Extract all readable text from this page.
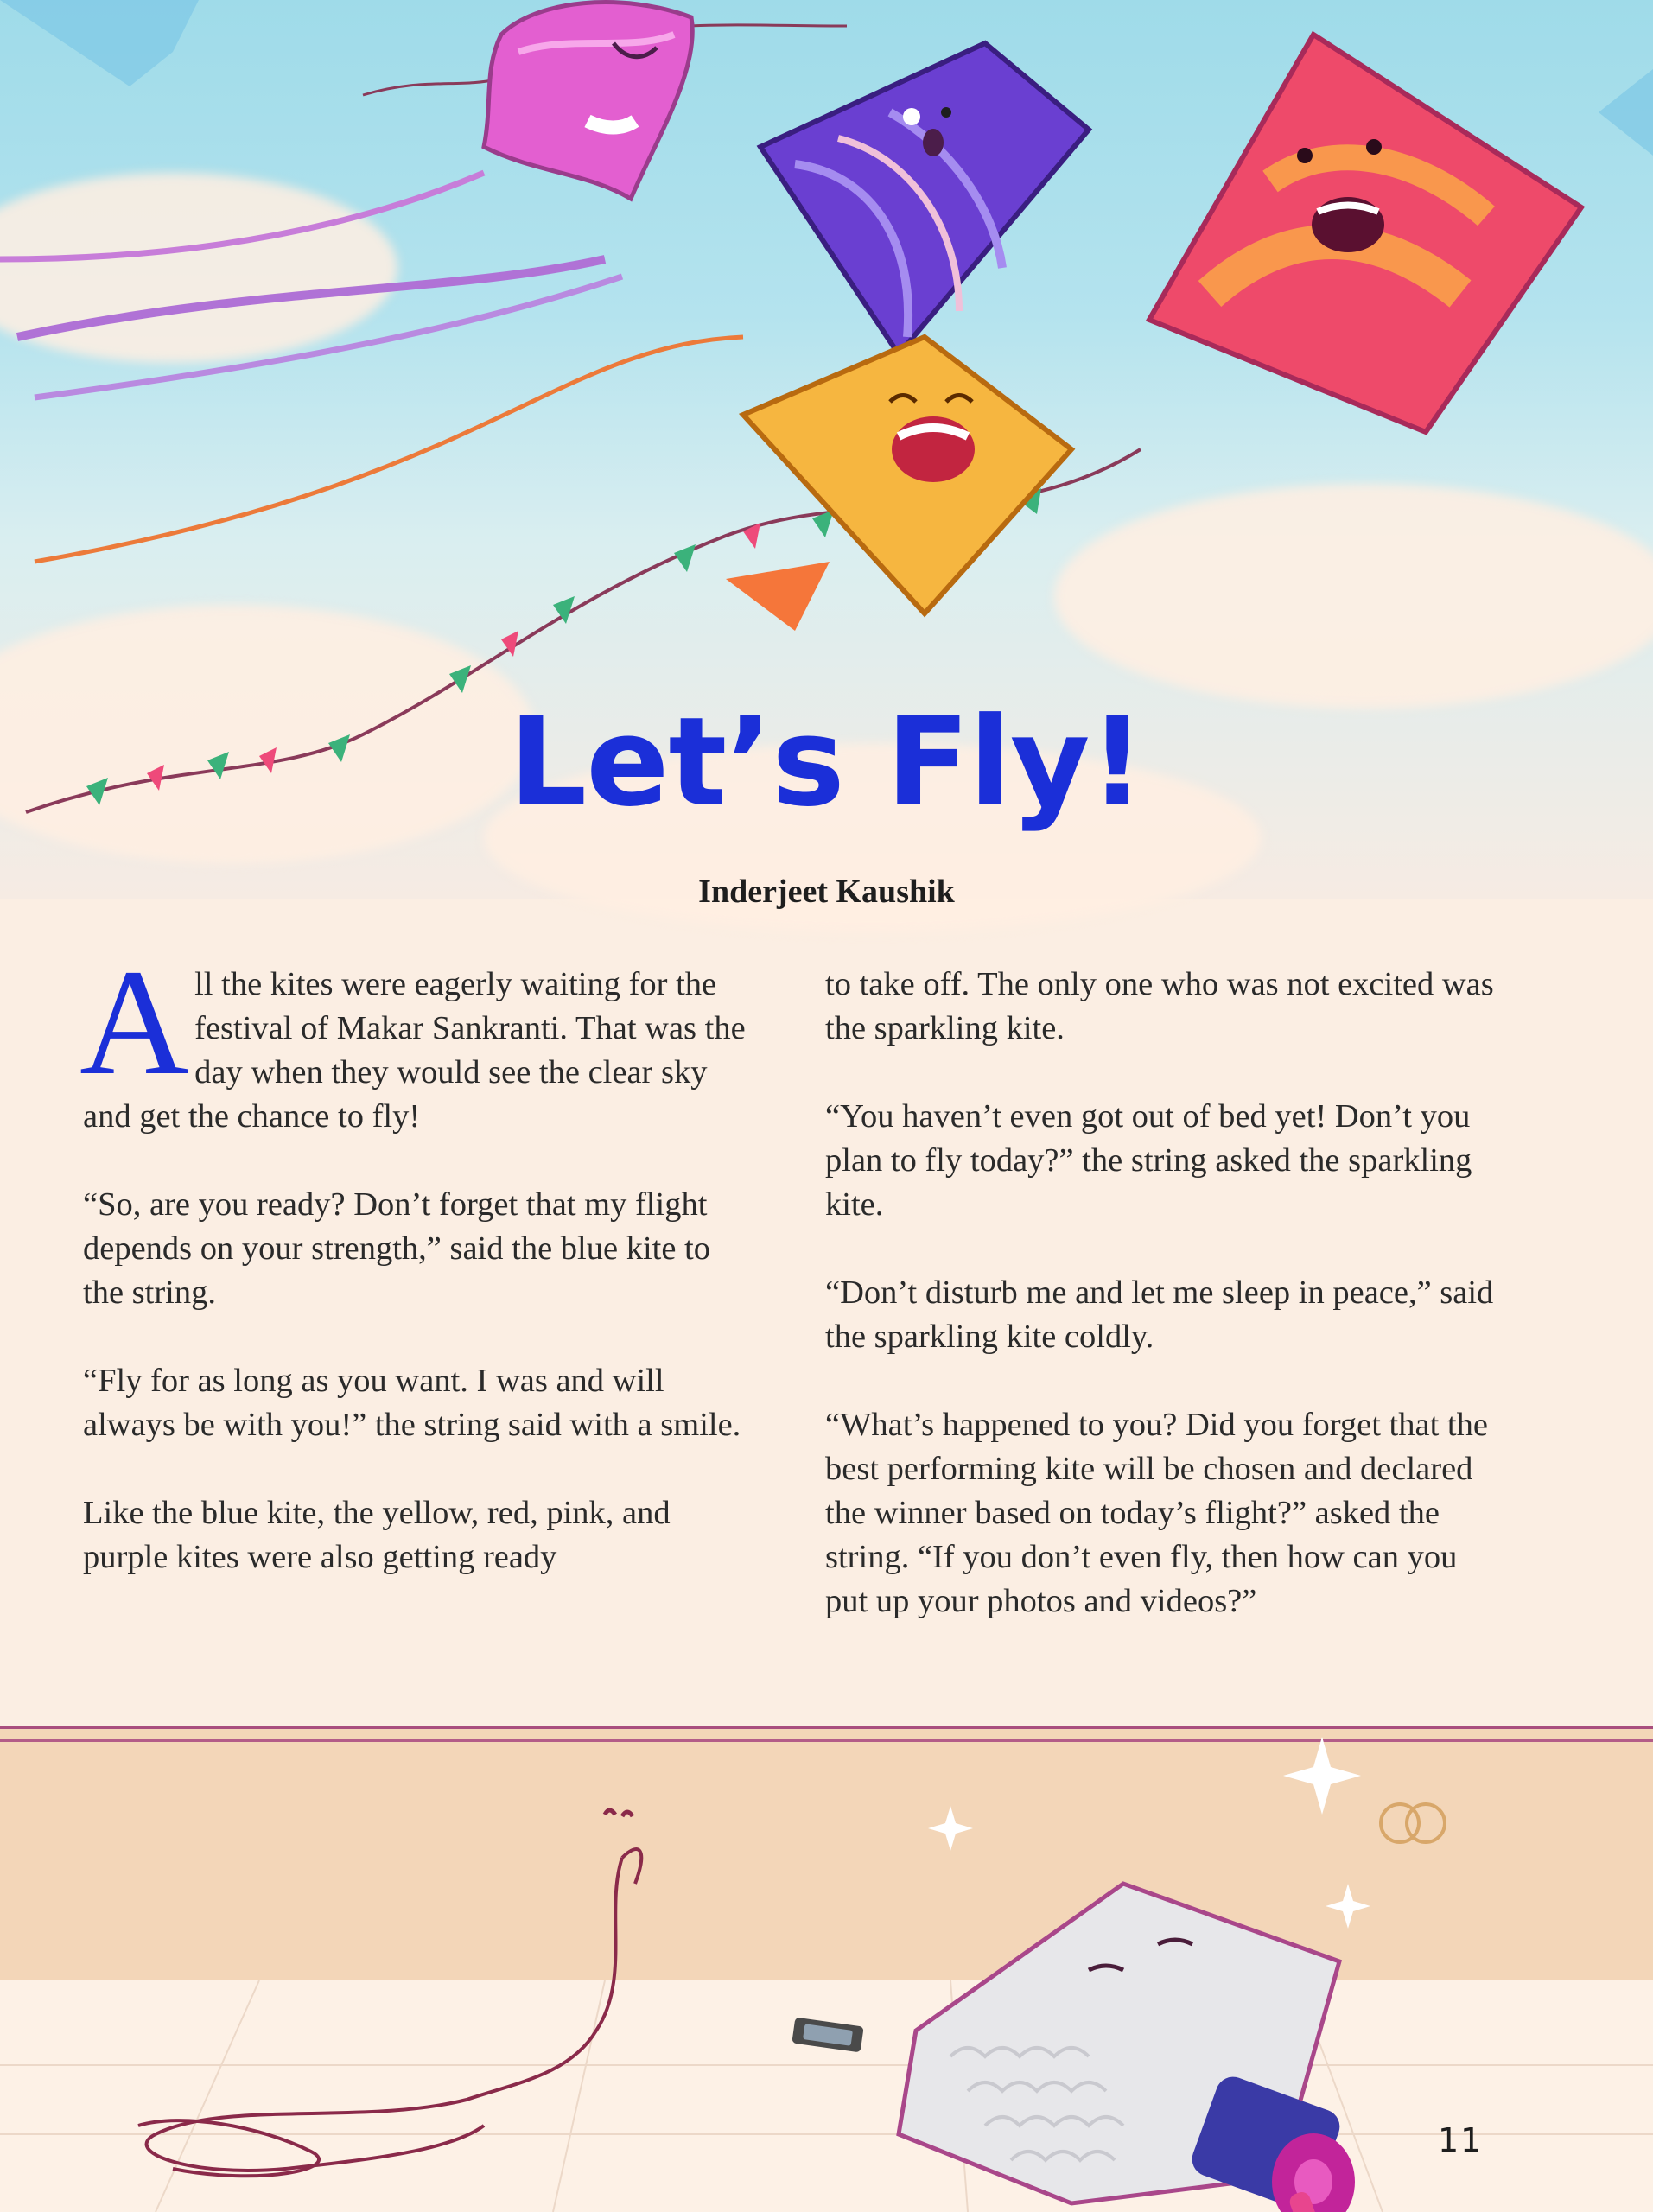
Let’s Fly!
Inderjeet Kaushik

All the kites were eagerly waiting for the festival of Makar Sankranti. That was the day when they would see the clear sky and get the chance to fly!

“So, are you ready? Don’t forget that my flight depends on your strength,” said the blue kite to the string.

“Fly for as long as you want. I was and will always be with you!” the string said with a smile.

Like the blue kite, the yellow, red, pink, and purple kites were also getting ready

to take off. The only one who was not excited was the sparkling kite.

“You haven’t even got out of bed yet! Don’t you plan to fly today?” the string asked the sparkling kite.

“Don’t disturb me and let me sleep in peace,” said the sparkling kite coldly.

“What’s happened to you? Did you forget that the best performing kite will be chosen and declared the winner based on today’s flight?” asked the string. “If you don’t even fly, then how can you put up your photos and videos?”

11
